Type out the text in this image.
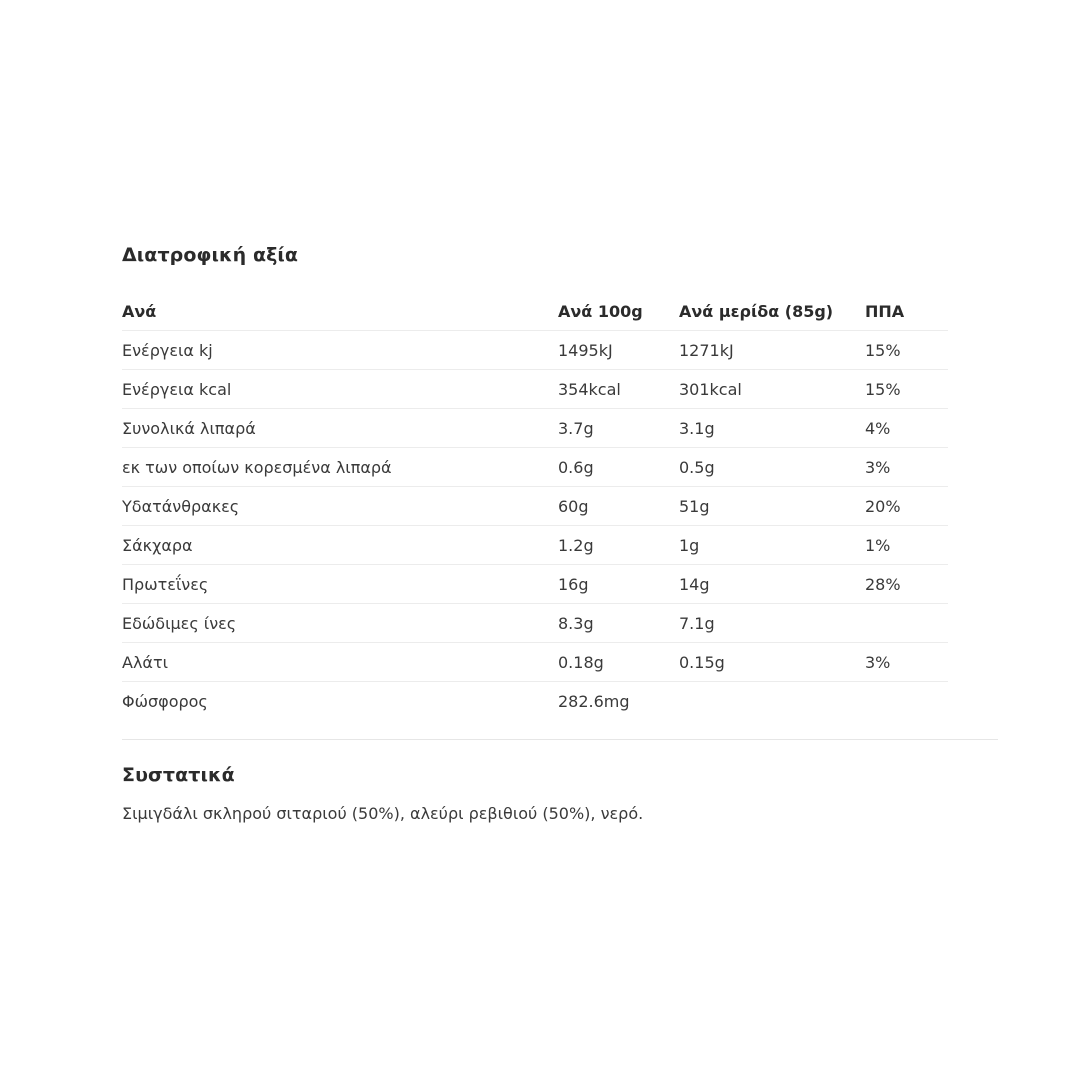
Διατροφική αξία
Ανά	Ανά 100g	Ανά μερίδα (85g)	ΠΠΑ
Ενέργεια kj	1495kJ	1271kJ	15%
Ενέργεια kcal	354kcal	301kcal	15%
Συνολικά λιπαρά	3.7g	3.1g	4%
εκ των οποίων κορεσμένα λιπαρά	0.6g	0.5g	3%
Υδατάνθρακες	60g	51g	20%
Σάκχαρα	1.2g	1g	1%
Πρωτεΐνες	16g	14g	28%
Εδώδιμες ίνες	8.3g	7.1g	
Αλάτι	0.18g	0.15g	3%
Φώσφορος	282.6mg		
Συστατικά

Σιμιγδάλι σκληρού σιταριού (50%), αλεύρι ρεβιθιού (50%), νερό.
